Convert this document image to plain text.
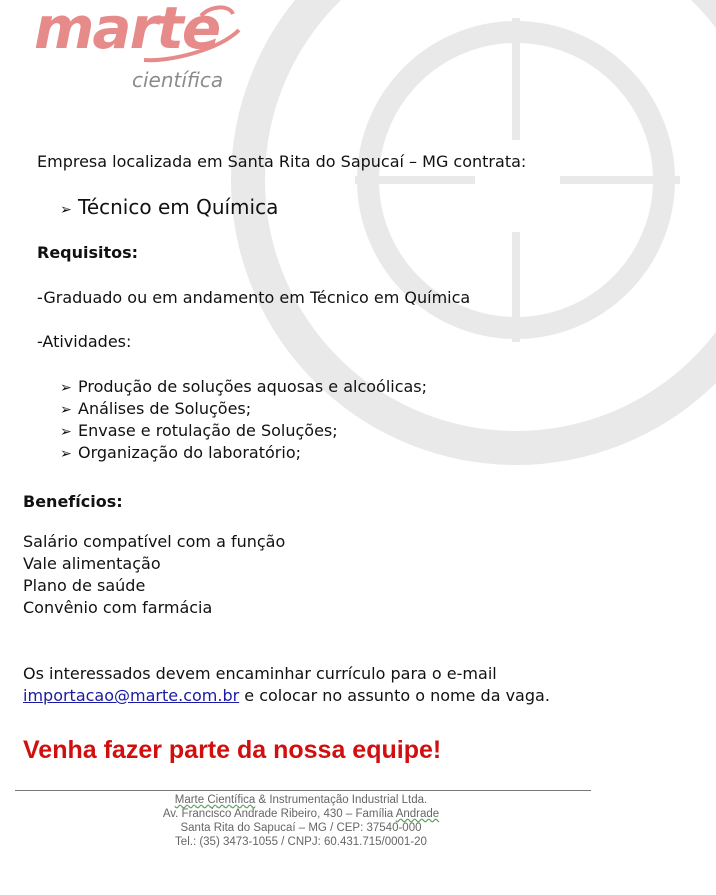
marte
científica
Empresa localizada em Santa Rita do Sapucaí – MG contrata:
➢ Técnico em Química
Requisitos:
-Graduado ou em andamento em Técnico em Química
-Atividades:
➢ Produção de soluções aquosas e alcoólicas;
➢ Análises de Soluções;
➢ Envase e rotulação de Soluções;
➢ Organização do laboratório;
Benefícios:
Salário compatível com a função
Vale alimentação
Plano de saúde
Convênio com farmácia
Os interessados devem encaminhar currículo para o e-mail
importacao@marte.com.br e colocar no assunto o nome da vaga.
Venha fazer parte da nossa equipe!
Marte Científica & Instrumentação Industrial Ltda.
Av. Francisco Andrade Ribeiro, 430 – Família Andrade
Santa Rita do Sapucaí – MG / CEP: 37540-000
Tel.: (35) 3473-1055 / CNPJ: 60.431.715/0001-20
